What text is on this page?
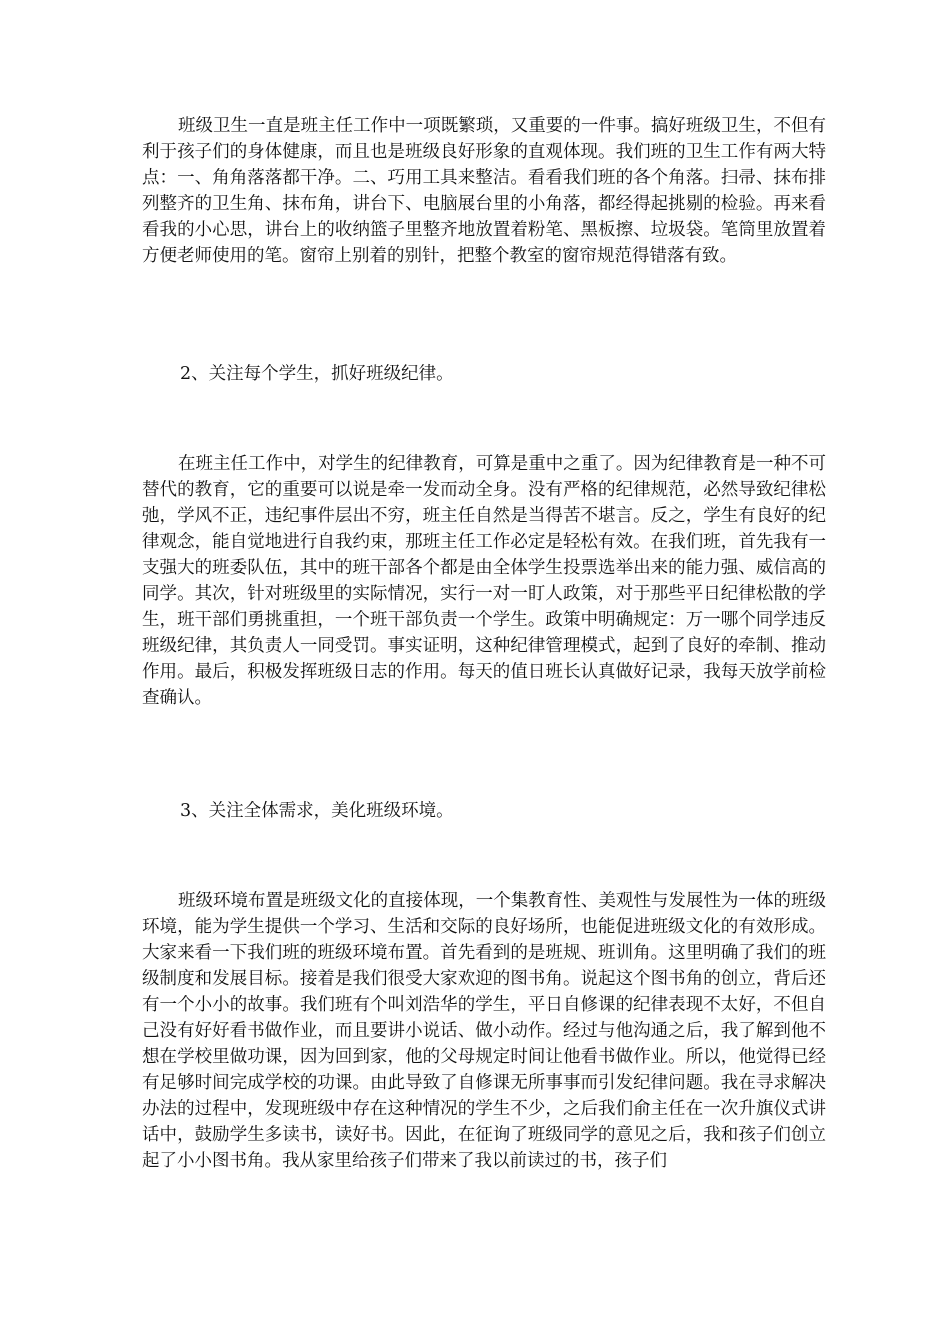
班级卫生一直是班主任工作中一项既繁琐，又重要的一件事。搞好班级卫生，不但有利于孩子们的身体健康，而且也是班级良好形象的直观体现。我们班的卫生工作有两大特点：一、角角落落都干净。二、巧用工具来整洁。看看我们班的各个角落。扫帚、抹布排列整齐的卫生角、抹布角，讲台下、电脑展台里的小角落，都经得起挑剔的检验。再来看看我的小心思，讲台上的收纳篮子里整齐地放置着粉笔、黑板擦、垃圾袋。笔筒里放置着方便老师使用的笔。窗帘上别着的别针，把整个教室的窗帘规范得错落有致。

2、关注每个学生，抓好班级纪律。

在班主任工作中，对学生的纪律教育，可算是重中之重了。因为纪律教育是一种不可替代的教育，它的重要可以说是牵一发而动全身。没有严格的纪律规范，必然导致纪律松弛，学风不正，违纪事件层出不穷，班主任自然是当得苦不堪言。反之，学生有良好的纪律观念，能自觉地进行自我约束，那班主任工作必定是轻松有效。在我们班，首先我有一支强大的班委队伍，其中的班干部各个都是由全体学生投票选举出来的能力强、威信高的同学。其次，针对班级里的实际情况，实行一对一盯人政策，对于那些平日纪律松散的学生，班干部们勇挑重担，一个班干部负责一个学生。政策中明确规定：万一哪个同学违反班级纪律，其负责人一同受罚。事实证明，这种纪律管理模式，起到了良好的牵制、推动作用。最后，积极发挥班级日志的作用。每天的值日班长认真做好记录，我每天放学前检查确认。

3、关注全体需求，美化班级环境。

班级环境布置是班级文化的直接体现，一个集教育性、美观性与发展性为一体的班级环境，能为学生提供一个学习、生活和交际的良好场所，也能促进班级文化的有效形成。大家来看一下我们班的班级环境布置。首先看到的是班规、班训角。这里明确了我们的班级制度和发展目标。接着是我们很受大家欢迎的图书角。说起这个图书角的创立，背后还有一个小小的故事。我们班有个叫刘浩华的学生，平日自修课的纪律表现不太好，不但自己没有好好看书做作业，而且要讲小说话、做小动作。经过与他沟通之后，我了解到他不想在学校里做功课，因为回到家，他的父母规定时间让他看书做作业。所以，他觉得已经有足够时间完成学校的功课。由此导致了自修课无所事事而引发纪律问题。我在寻求解决办法的过程中，发现班级中存在这种情况的学生不少，之后我们俞主任在一次升旗仪式讲话中，鼓励学生多读书，读好书。因此，在征询了班级同学的意见之后，我和孩子们创立起了小小图书角。我从家里给孩子们带来了我以前读过的书，孩子们
